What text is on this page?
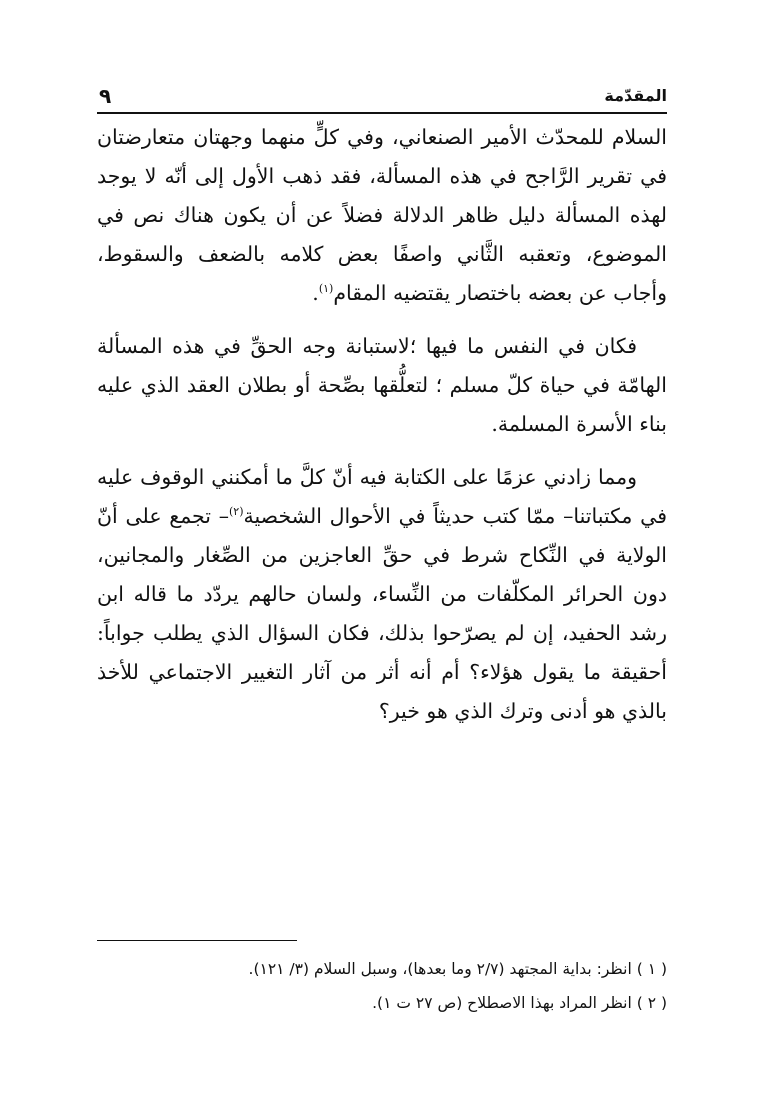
المقدّمة
٩

السلام للمحدّث الأمير الصنعاني، وفي كلٍّ منهما وجهتان متعارضتان في تقرير الرَّاجح في هذه المسألة، فقد ذهب الأول إلى أنّه لا يوجد لهذه المسألة دليل ظاهر الدلالة فضلاً عن أن يكون هناك نص في الموضوع، وتعقبه الثَّاني واصفًا بعض كلامه بالضعف والسقوط، وأجاب عن بعضه باختصار يقتضيه المقام$^{(١)}$.

فكان في النفس ما فيها ؛لاستبانة وجه الحقِّ في هذه المسألة الهامّة في حياة كلّ مسلم ؛ لتعلُّقها بصِّحة أو بطلان العقد الذي عليه بناء الأسرة المسلمة.

ومما زادني عزمًا على الكتابة فيه أنّ كلَّ ما أمكنني الوقوف عليه في مكتباتنا– ممّا كتب حديثاً في الأحوال الشخصية$^{(٢)}$– تجمع على أنّ الولاية في النِّكاح شرط في حقِّ العاجزين من الصِّغار والمجانين، دون الحرائر المكلّفات من النِّساء، ولسان حالهم يردّد ما قاله ابن رشد الحفيد، إن لم يصرّحوا بذلك، فكان السؤال الذي يطلب جواباً: أحقيقة ما يقول هؤلاء؟ أم أنه أثر من آثار التغيير الاجتماعي للأخذ بالذي هو أدنى وترك الذي هو خير؟

( ١ ) انظر: بداية المجتهد (٢/٧ وما بعدها)، وسبل السلام (٣/ ١٢١).

( ٢ ) انظر المراد بهذا الاصطلاح (ص ٢٧ ت ١).
